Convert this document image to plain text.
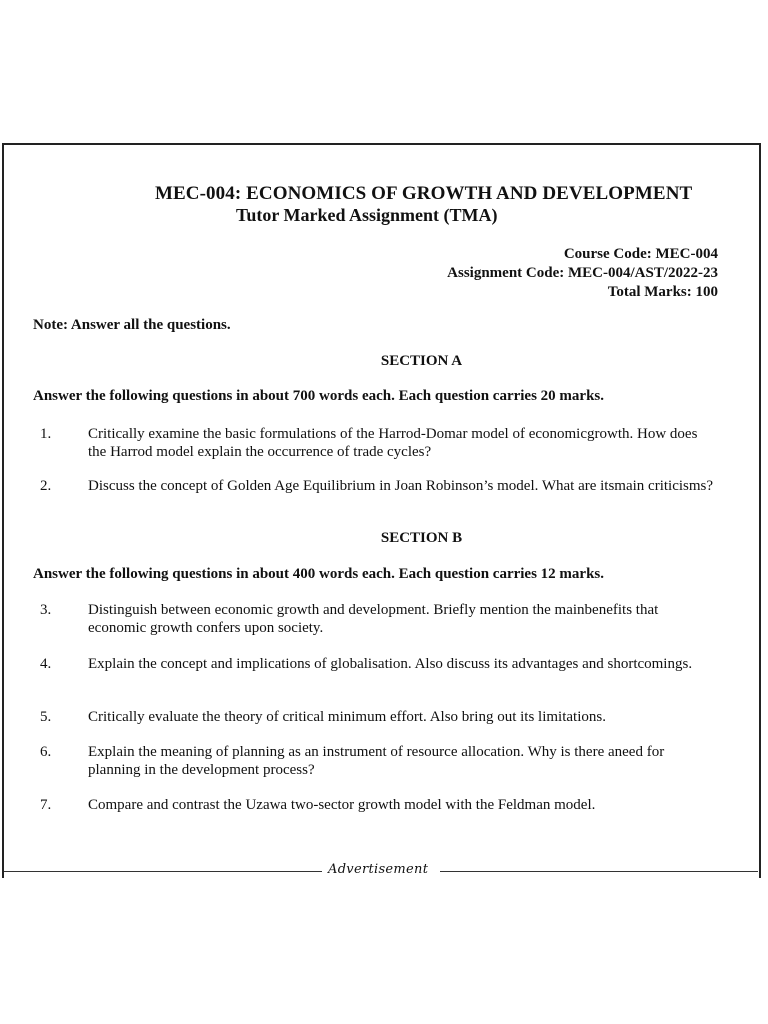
MEC-004: ECONOMICS OF GROWTH AND DEVELOPMENT
Tutor Marked Assignment (TMA)
Course Code: MEC-004
Assignment Code: MEC-004/AST/2022-23
Total Marks: 100
Note: Answer all the questions.
SECTION A
Answer the following questions in about 700 words each. Each question carries 20 marks.
1. Critically examine the basic formulations of the Harrod-Domar model of economicgrowth. How does the Harrod model explain the occurrence of trade cycles?
2. Discuss the concept of Golden Age Equilibrium in Joan Robinson’s model. What are itsmain criticisms?
SECTION B
Answer the following questions in about 400 words each. Each question carries 12 marks.
3. Distinguish between economic growth and development. Briefly mention the mainbenefits that economic growth confers upon society.
4. Explain the concept and implications of globalisation. Also discuss its advantages and shortcomings.
5. Critically evaluate the theory of critical minimum effort. Also bring out its limitations.
6. Explain the meaning of planning as an instrument of resource allocation. Why is there aneed for planning in the development process?
7. Compare and contrast the Uzawa two-sector growth model with the Feldman model.
Advertisement
